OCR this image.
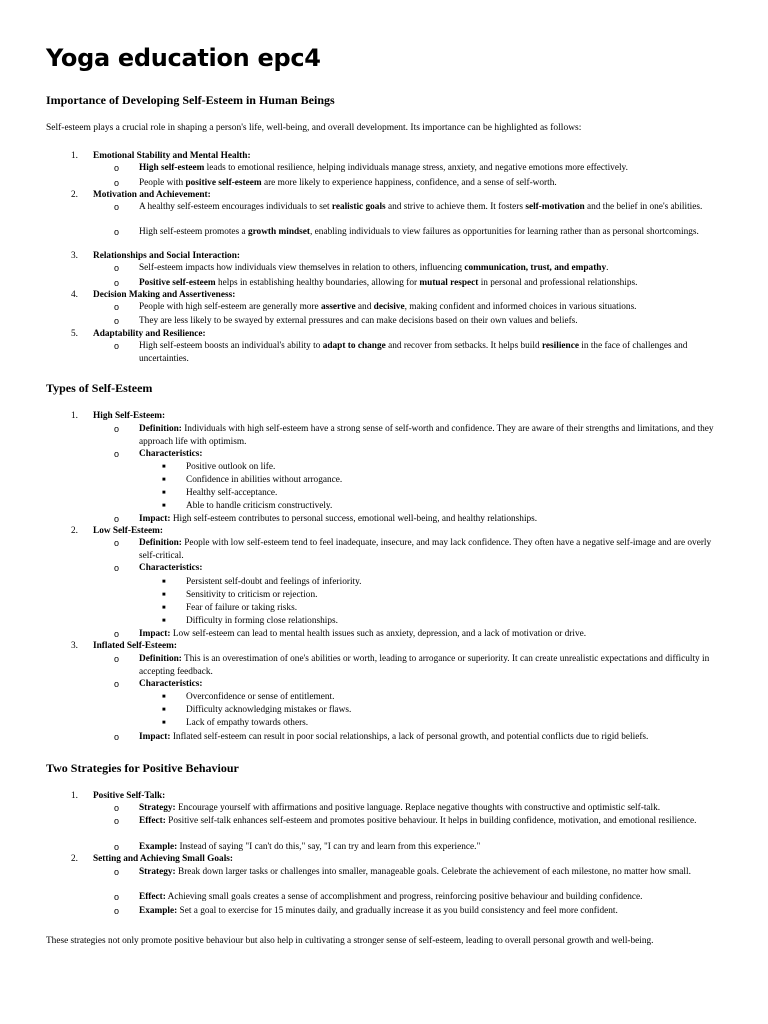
Yoga education epc4
Importance of Developing Self-Esteem in Human Beings

Self-esteem plays a crucial role in shaping a person's life, well-being, and overall development. Its importance can be highlighted as follows:

1. Emotional Stability and Mental Health:

o High self-esteem leads to emotional resilience, helping individuals manage stress, anxiety, and negative emotions more effectively.

o People with positive self-esteem are more likely to experience happiness, confidence, and a sense of self-worth.

2. Motivation and Achievement:

o A healthy self-esteem encourages individuals to set realistic goals and strive to achieve them. It fosters self-motivation and the belief in one's abilities.

o High self-esteem promotes a growth mindset, enabling individuals to view failures as opportunities for learning rather than as personal shortcomings.

3. Relationships and Social Interaction:

o Self-esteem impacts how individuals view themselves in relation to others, influencing communication, trust, and empathy.

o Positive self-esteem helps in establishing healthy boundaries, allowing for mutual respect in personal and professional relationships.

4. Decision Making and Assertiveness:

o People with high self-esteem are generally more assertive and decisive, making confident and informed choices in various situations.

o They are less likely to be swayed by external pressures and can make decisions based on their own values and beliefs.

5. Adaptability and Resilience:

o High self-esteem boosts an individual's ability to adapt to change and recover from setbacks. It helps build resilience in the face of challenges and uncertainties.

Types of Self-Esteem
1. High Self-Esteem:

o Definition: Individuals with high self-esteem have a strong sense of self-worth and confidence. They are aware of their strengths and limitations, and they approach life with optimism.

o Characteristics:

■ Positive outlook on life.

■ Confidence in abilities without arrogance.

■ Healthy self-acceptance.

■ Able to handle criticism constructively.

o Impact: High self-esteem contributes to personal success, emotional well-being, and healthy relationships.

2. Low Self-Esteem:

o Definition: People with low self-esteem tend to feel inadequate, insecure, and may lack confidence. They often have a negative self-image and are overly self-critical.

o Characteristics:

■ Persistent self-doubt and feelings of inferiority.

■ Sensitivity to criticism or rejection.

■ Fear of failure or taking risks.

■ Difficulty in forming close relationships.

o Impact: Low self-esteem can lead to mental health issues such as anxiety, depression, and a lack of motivation or drive.

3. Inflated Self-Esteem:

o Definition: This is an overestimation of one's abilities or worth, leading to arrogance or superiority. It can create unrealistic expectations and difficulty in accepting feedback.

o Characteristics:

■ Overconfidence or sense of entitlement.

■ Difficulty acknowledging mistakes or flaws.

■ Lack of empathy towards others.

o Impact: Inflated self-esteem can result in poor social relationships, a lack of personal growth, and potential conflicts due to rigid beliefs.

Two Strategies for Positive Behaviour
1. Positive Self-Talk:

o Strategy: Encourage yourself with affirmations and positive language. Replace negative thoughts with constructive and optimistic self-talk.

o Effect: Positive self-talk enhances self-esteem and promotes positive behaviour. It helps in building confidence, motivation, and emotional resilience.

o Example: Instead of saying "I can't do this," say, "I can try and learn from this experience."

2. Setting and Achieving Small Goals:

o Strategy: Break down larger tasks or challenges into smaller, manageable goals. Celebrate the achievement of each milestone, no matter how small.

o Effect: Achieving small goals creates a sense of accomplishment and progress, reinforcing positive behaviour and building confidence.

o Example: Set a goal to exercise for 15 minutes daily, and gradually increase it as you build consistency and feel more confident.

These strategies not only promote positive behaviour but also help in cultivating a stronger sense of self-esteem, leading to overall personal growth and well-being.
